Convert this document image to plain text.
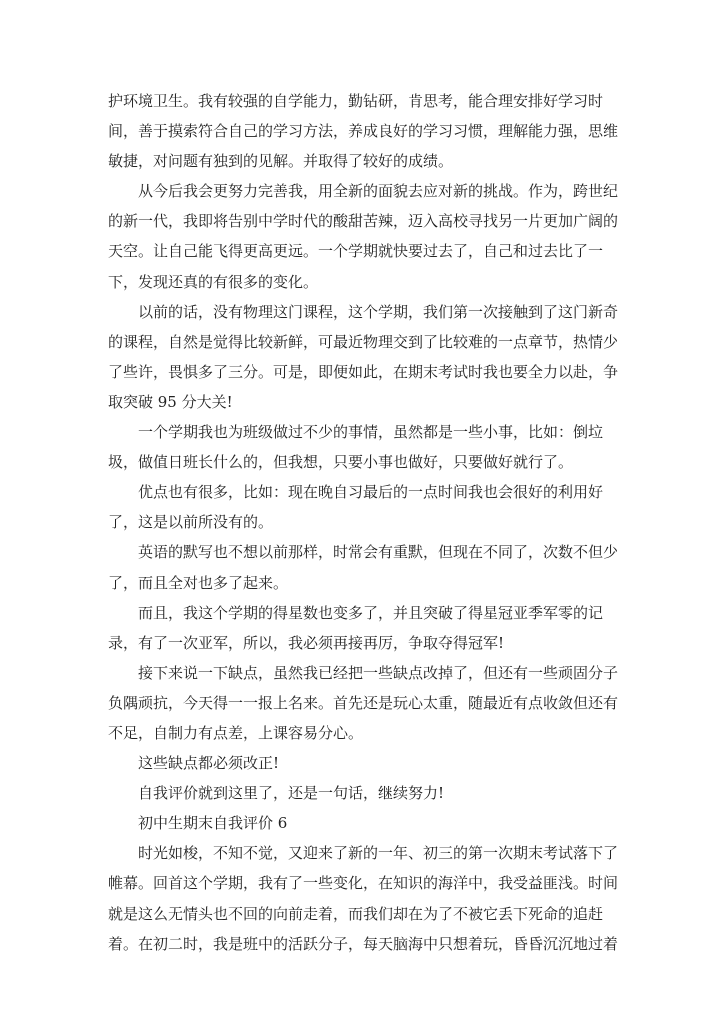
护环境卫生。我有较强的自学能力，勤钻研，肯思考，能合理安排好学习时
间，善于摸索符合自己的学习方法，养成良好的学习习惯，理解能力强，思维
敏捷，对问题有独到的见解。并取得了较好的成绩。
从今后我会更努力完善我，用全新的面貌去应对新的挑战。作为，跨世纪
的新一代，我即将告别中学时代的酸甜苦辣，迈入高校寻找另一片更加广阔的
天空。让自己能飞得更高更远。一个学期就快要过去了，自己和过去比了一
下，发现还真的有很多的变化。
以前的话，没有物理这门课程，这个学期，我们第一次接触到了这门新奇
的课程，自然是觉得比较新鲜，可最近物理交到了比较难的一点章节，热情少
了些许，畏惧多了三分。可是，即便如此，在期末考试时我也要全力以赴，争
取突破 95 分大关!
一个学期我也为班级做过不少的事情，虽然都是一些小事，比如：倒垃
圾，做值日班长什么的，但我想，只要小事也做好，只要做好就行了。
优点也有很多，比如：现在晚自习最后的一点时间我也会很好的利用好
了，这是以前所没有的。
英语的默写也不想以前那样，时常会有重默，但现在不同了，次数不但少
了，而且全对也多了起来。
而且，我这个学期的得星数也变多了，并且突破了得星冠亚季军零的记
录，有了一次亚军，所以，我必须再接再厉，争取夺得冠军!
接下来说一下缺点，虽然我已经把一些缺点改掉了，但还有一些顽固分子
负隅顽抗，今天得一一报上名来。首先还是玩心太重，随最近有点收敛但还有
不足，自制力有点差，上课容易分心。
这些缺点都必须改正!
自我评价就到这里了，还是一句话，继续努力!
初中生期末自我评价 6
时光如梭，不知不觉，又迎来了新的一年、初三的第一次期末考试落下了
帷幕。回首这个学期，我有了一些变化，在知识的海洋中，我受益匪浅。时间
就是这么无情头也不回的向前走着，而我们却在为了不被它丢下死命的追赶
着。在初二时，我是班中的活跃分子，每天脑海中只想着玩，昏昏沉沉地过着
